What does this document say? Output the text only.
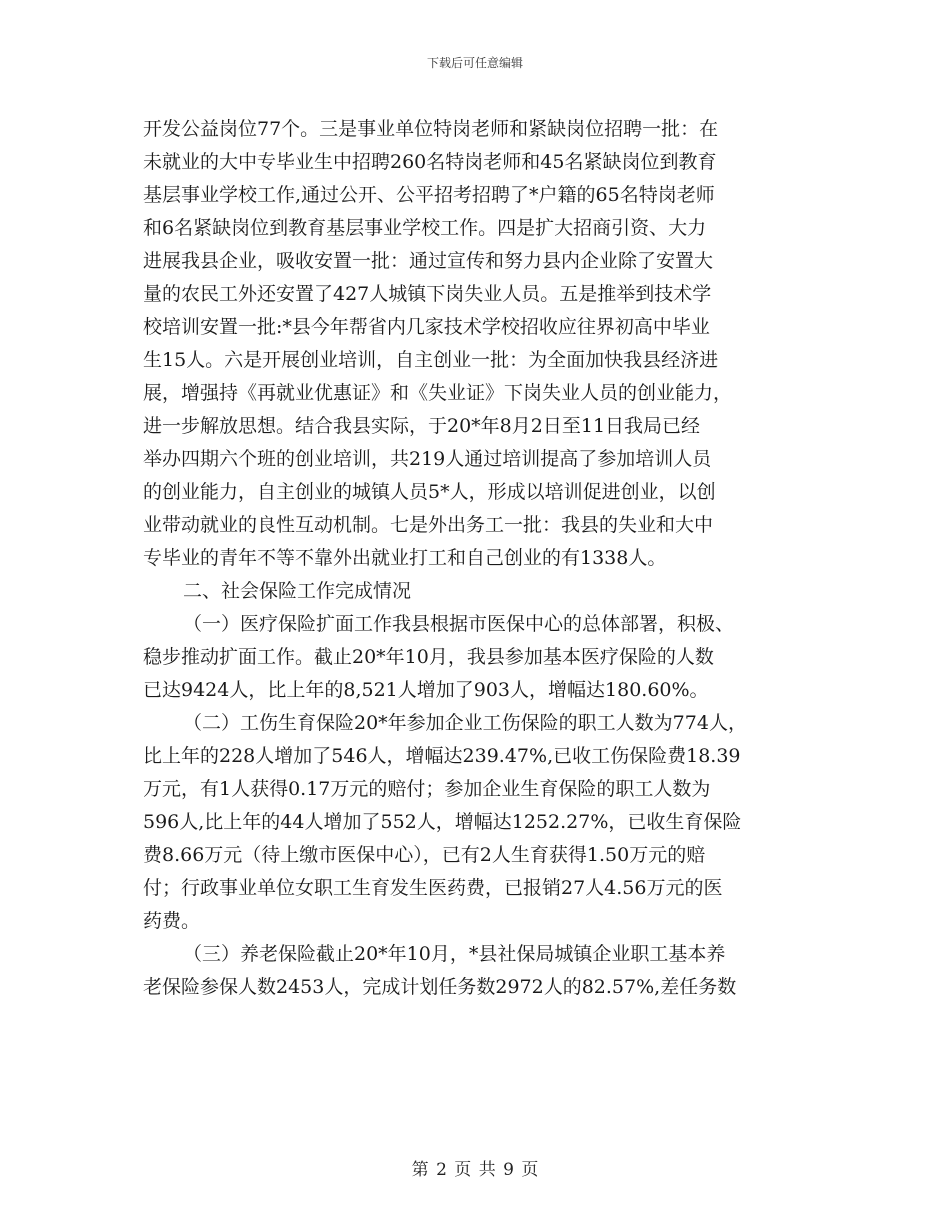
下载后可任意编辑
开发公益岗位77个。三是事业单位特岗老师和紧缺岗位招聘一批：在
未就业的大中专毕业生中招聘260名特岗老师和45名紧缺岗位到教育
基层事业学校工作,通过公开、公平招考招聘了*户籍的65名特岗老师
和6名紧缺岗位到教育基层事业学校工作。四是扩大招商引资、大力
进展我县企业，吸收安置一批：通过宣传和努力县内企业除了安置大
量的农民工外还安置了427人城镇下岗失业人员。五是推举到技术学
校培训安置一批:*县今年帮省内几家技术学校招收应往界初高中毕业
生15人。六是开展创业培训，自主创业一批：为全面加快我县经济进
展，增强持《再就业优惠证》和《失业证》下岗失业人员的创业能力，
进一步解放思想。结合我县实际，于20*年8月2日至11日我局已经
举办四期六个班的创业培训，共219人通过培训提高了参加培训人员
的创业能力，自主创业的城镇人员5*人，形成以培训促进创业，以创
业带动就业的良性互动机制。七是外出务工一批：我县的失业和大中
专毕业的青年不等不靠外出就业打工和自己创业的有1338人。
二、社会保险工作完成情况
（一）医疗保险扩面工作我县根据市医保中心的总体部署，积极、
稳步推动扩面工作。截止20*年10月，我县参加基本医疗保险的人数
已达9424人，比上年的8,521人增加了903人，增幅达180.60%。
（二）工伤生育保险20*年参加企业工伤保险的职工人数为774人，
比上年的228人增加了546人，增幅达239.47%,已收工伤保险费18.39
万元，有1人获得0.17万元的赔付；参加企业生育保险的职工人数为
596人,比上年的44人增加了552人，增幅达1252.27%，已收生育保险
费8.66万元（待上缴市医保中心），已有2人生育获得1.50万元的赔
付；行政事业单位女职工生育发生医药费，已报销27人4.56万元的医
药费。
（三）养老保险截止20*年10月，*县社保局城镇企业职工基本养
老保险参保人数2453人，完成计划任务数2972人的82.57%,差任务数
第 2 页 共 9 页
